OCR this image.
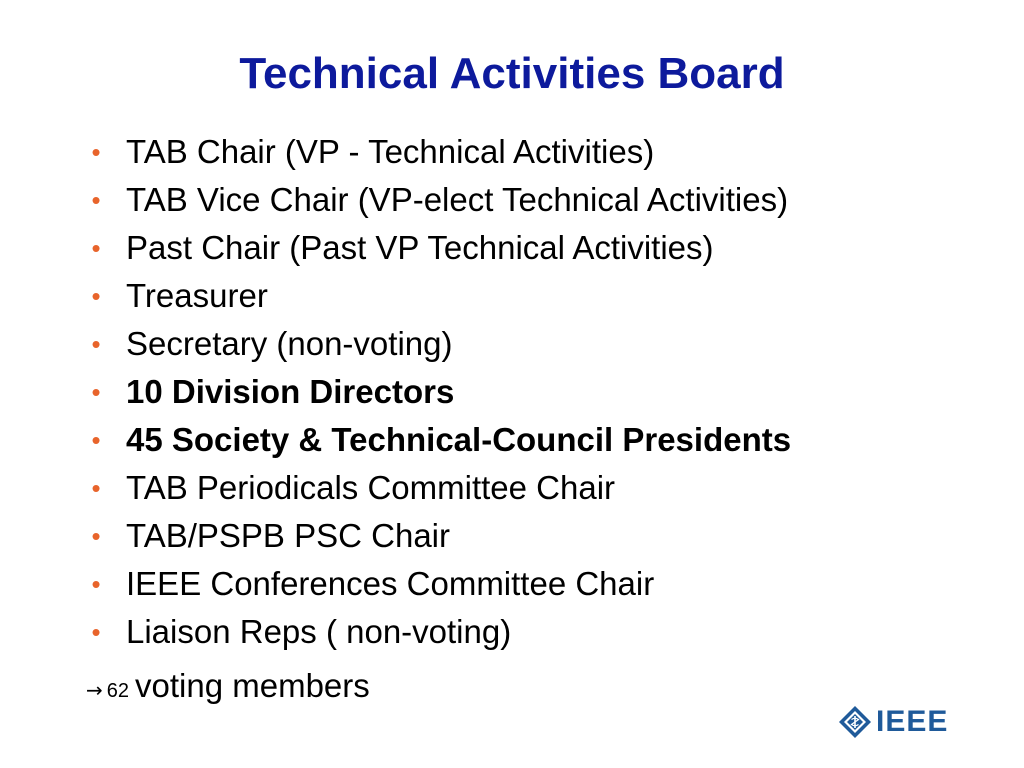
Technical Activities Board
• TAB Chair (VP - Technical Activities)
• TAB Vice Chair (VP-elect Technical Activities)
• Past Chair (Past VP Technical Activities)
• Treasurer
• Secretary (non-voting)
• 10 Division Directors
• 45 Society & Technical-Council Presidents
• TAB Periodicals Committee Chair
• TAB/PSPB PSC Chair
• IEEE Conferences Committee Chair
• Liaison Reps ( non-voting)
→ 62 voting members
IEEE
